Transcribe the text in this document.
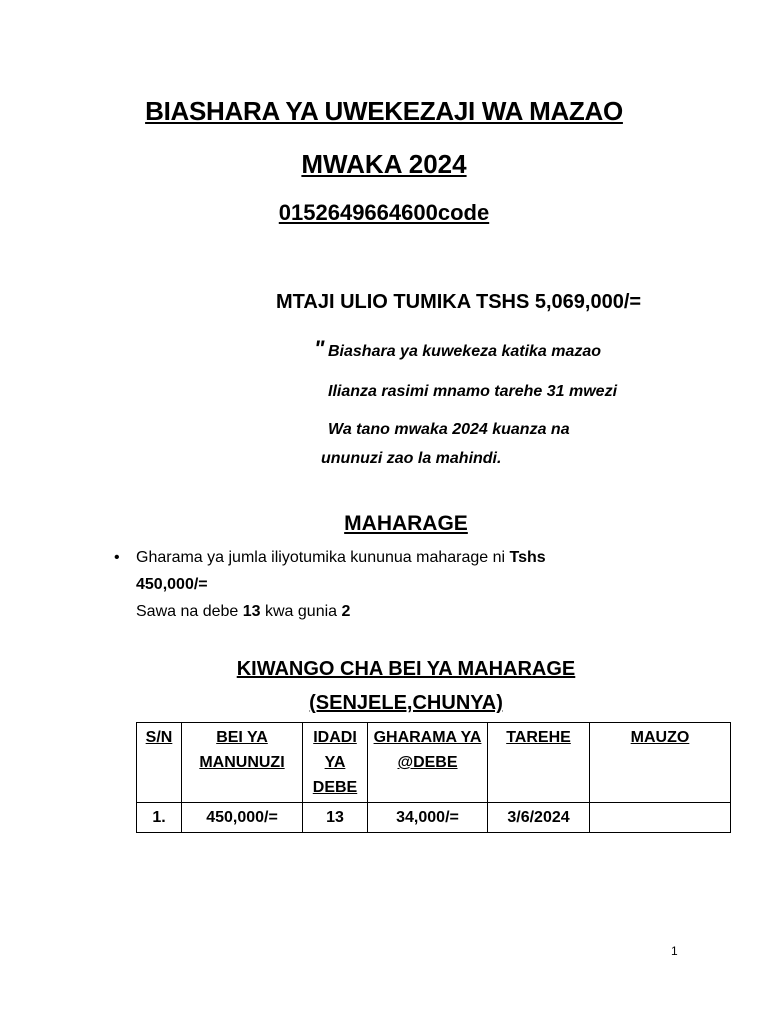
BIASHARA YA UWEKEZAJI WA MAZAO
MWAKA 2024
0152649664600code

MTAJI ULIO TUMIKA TSHS 5,069,000/=

" Biashara ya kuwekeza katika mazao

Ilianza rasimi mnamo tarehe 31 mwezi

Wa tano mwaka 2024 kuanza na

ununuzi zao la mahindi.

MAHARAGE
• Gharama ya jumla iliyotumika kununua maharage ni Tshs

450,000/=

Sawa na debe 13 kwa gunia 2

KIWANGO CHA BEI YA MAHARAGE
(SENJELE,CHUNYA)
S/N	BEI YA MANUNUZI	IDADI YA DEBE	GHARAMA YA @DEBE	TAREHE	MAUZO
1.	450,000/=	13	34,000/=	3/6/2024	
1
